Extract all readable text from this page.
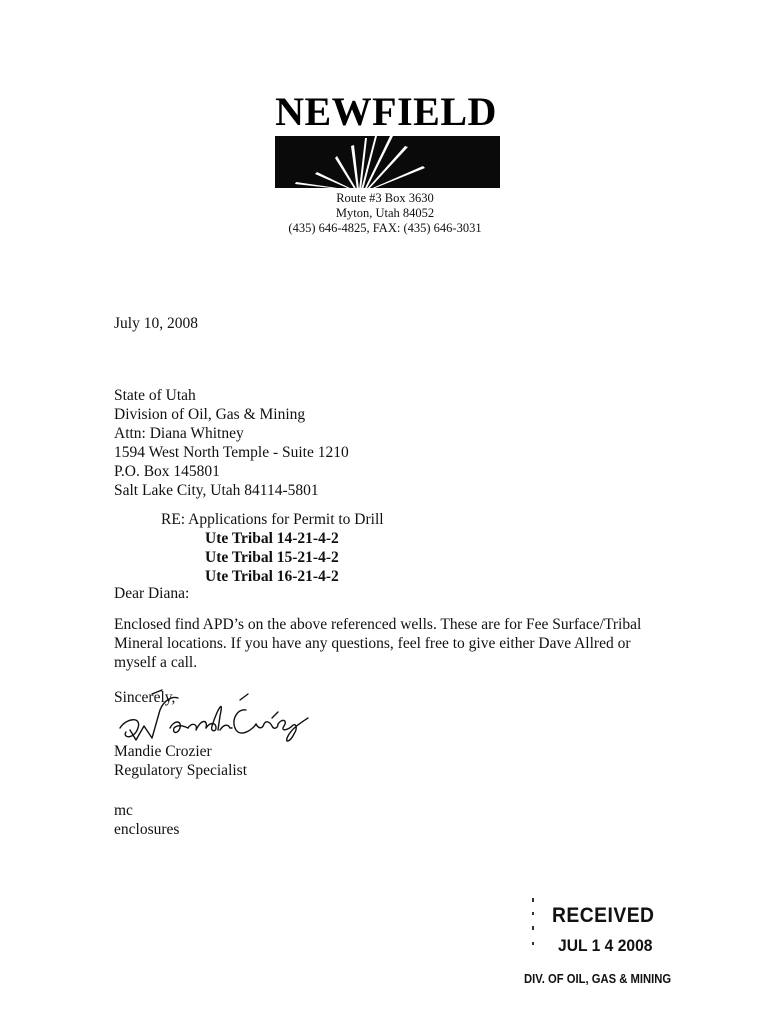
NEWFIELD
Route #3 Box 3630
Myton, Utah 84052
(435) 646-4825, FAX: (435) 646-3031
July 10, 2008
State of Utah
Division of Oil, Gas & Mining
Attn: Diana Whitney
1594 West North Temple - Suite 1210
P.O. Box 145801
Salt Lake City, Utah 84114-5801
RE: Applications for Permit to Drill
Ute Tribal 14-21-4-2
Ute Tribal 15-21-4-2
Ute Tribal 16-21-4-2
Dear Diana:
Enclosed find APD’s on the above referenced wells. These are for Fee Surface/Tribal
Mineral locations. If you have any questions, feel free to give either Dave Allred or
myself a call.
Sincerely,
Mandie Crozier
Regulatory Specialist
mc
enclosures
RECEIVED
JUL 1 4 2008
DIV. OF OIL, GAS & MINING
